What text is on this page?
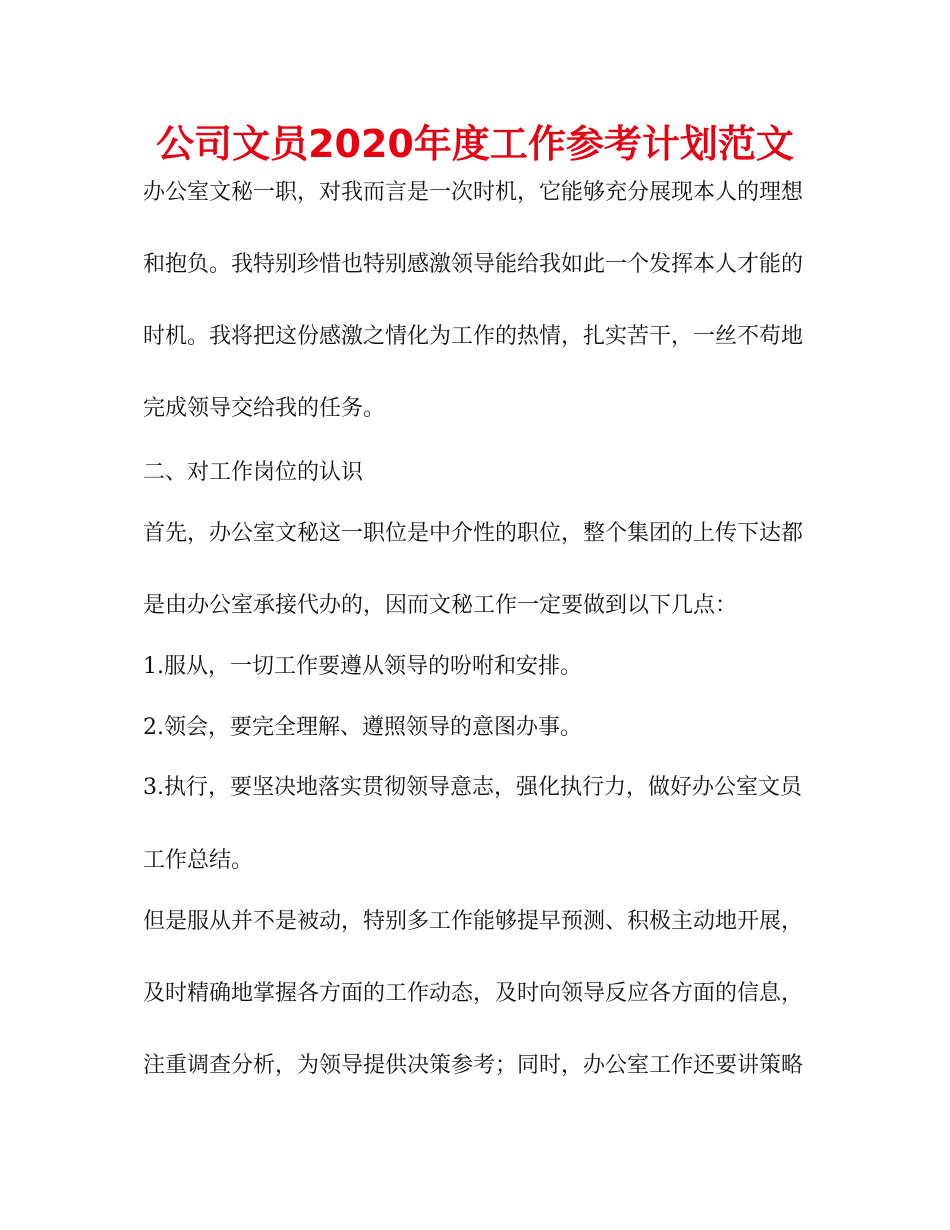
公司文员2020年度工作参考计划范文
办公室文秘一职，对我而言是一次时机，它能够充分展现本人的理想
和抱负。我特别珍惜也特别感激领导能给我如此一个发挥本人才能的
时机。我将把这份感激之情化为工作的热情，扎实苦干，一丝不苟地
完成领导交给我的任务。
二、对工作岗位的认识
首先，办公室文秘这一职位是中介性的职位，整个集团的上传下达都
是由办公室承接代办的，因而文秘工作一定要做到以下几点：
1.服从，一切工作要遵从领导的吩咐和安排。
2.领会，要完全理解、遵照领导的意图办事。
3.执行，要坚决地落实贯彻领导意志，强化执行力，做好办公室文员
工作总结。
但是服从并不是被动，特别多工作能够提早预测、积极主动地开展，
及时精确地掌握各方面的工作动态，及时向领导反应各方面的信息，
注重调查分析，为领导提供决策参考；同时，办公室工作还要讲策略
